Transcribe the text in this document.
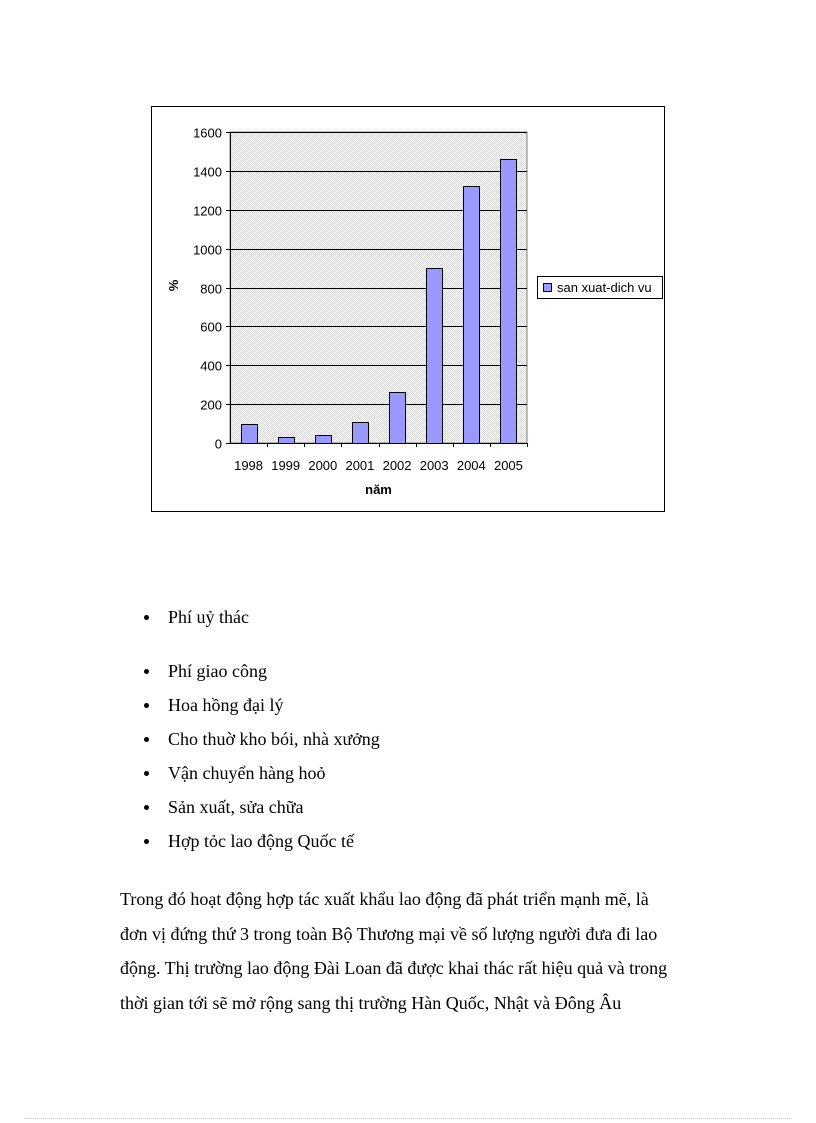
0
200
400
600
800
1000
1200
1400
1600
1998 1999 2000 2001 2002 2003 2004 2005
năm
%	san xuat-dich vu
Phí uỷ thác
Phí giao công
Hoa hồng đại lý
Cho thuờ kho bói, nhà xưởng
Vận chuyển hàng hoỏ
Sản xuất, sửa chữa
Hợp tỏc lao động Quốc tế
Trong đó hoạt động hợp tác xuất khẩu lao động đã phát triển mạnh mẽ, là
đơn vị đứng thứ 3 trong toàn Bộ Thương mại về số lượng người đưa đi lao
động. Thị trường lao động Đài Loan đã được khai thác rất hiệu quả và trong
thời gian tới sẽ mở rộng sang thị trường Hàn Quốc, Nhật và Đông Âu
